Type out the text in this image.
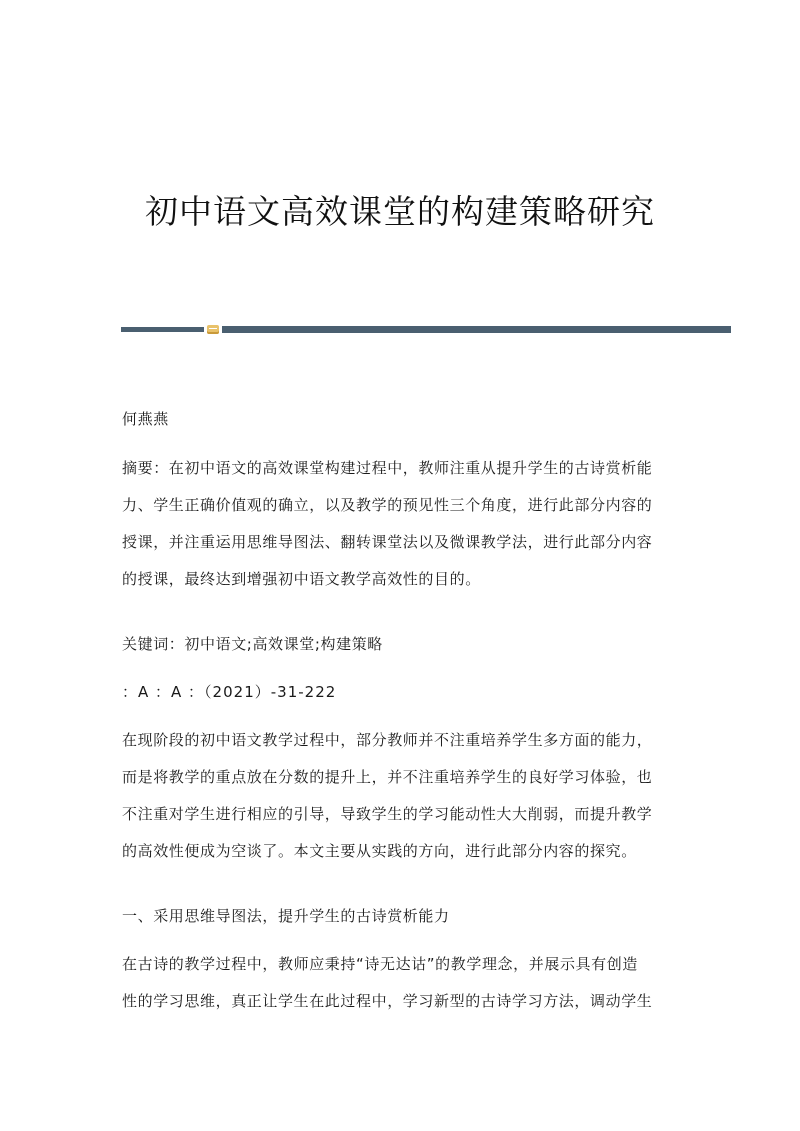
初中语文高效课堂的构建策略研究

何燕燕

摘要：在初中语文的高效课堂构建过程中，教师注重从提升学生的古诗赏析能
力、学生正确价值观的确立，以及教学的预见性三个角度，进行此部分内容的
授课，并注重运用思维导图法、翻转课堂法以及微课教学法，进行此部分内容
的授课，最终达到增强初中语文教学高效性的目的。

关键词：初中语文;高效课堂;构建策略

：A ：A ：（2021）-31-222

在现阶段的初中语文教学过程中，部分教师并不注重培养学生多方面的能力，
而是将教学的重点放在分数的提升上，并不注重培养学生的良好学习体验，也
不注重对学生进行相应的引导，导致学生的学习能动性大大削弱，而提升教学
的高效性便成为空谈了。本文主要从实践的方向，进行此部分内容的探究。

一、采用思维导图法，提升学生的古诗赏析能力

在古诗的教学过程中，教师应秉持“诗无达诂”的教学理念，并展示具有创造
性的学习思维，真正让学生在此过程中，学习新型的古诗学习方法，调动学生
